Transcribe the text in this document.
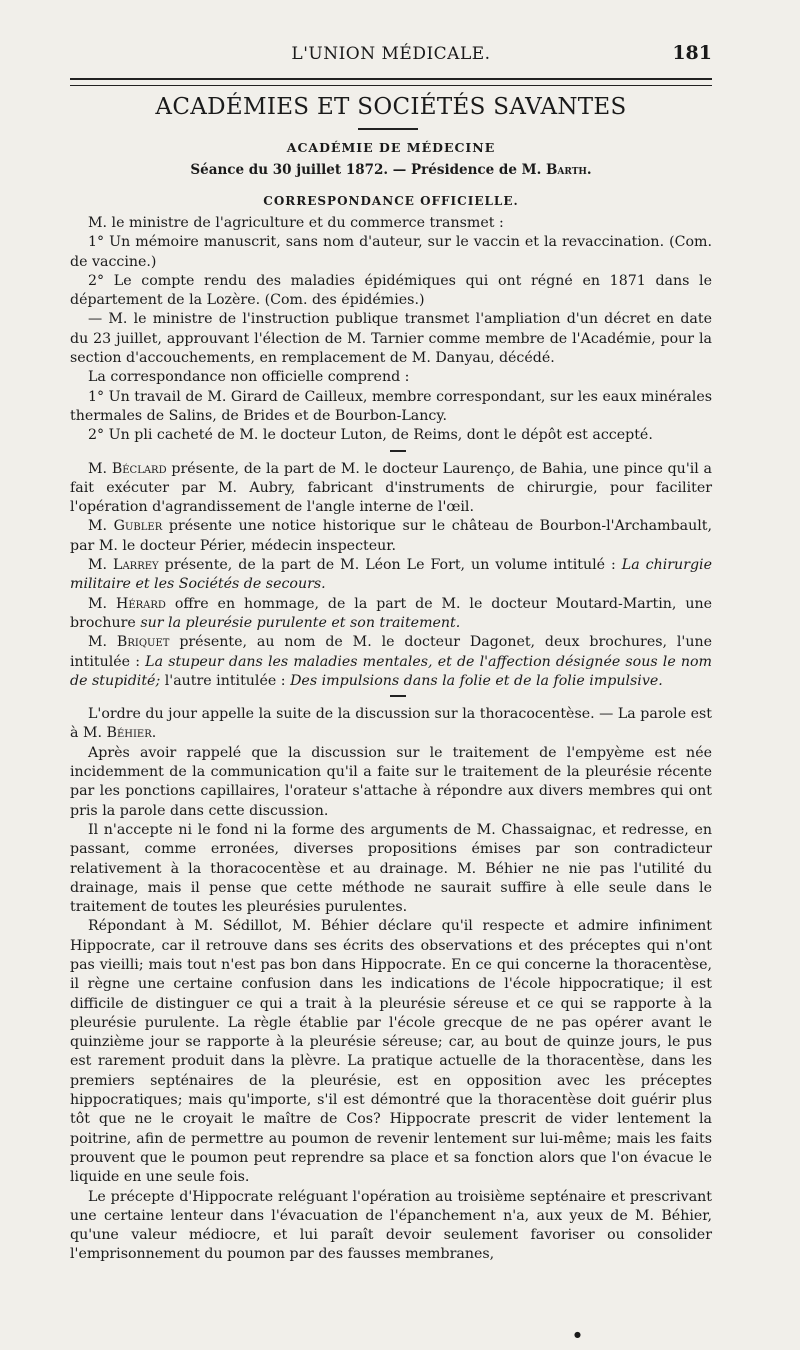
L'UNION MÉDICALE.	181
ACADÉMIES ET SOCIÉTÉS SAVANTES
ACADÉMIE DE MÉDECINE
Séance du 30 juillet 1872. — Présidence de M. Barth.
CORRESPONDANCE OFFICIELLE.

M. le ministre de l'agriculture et du commerce transmet :

1° Un mémoire manuscrit, sans nom d'auteur, sur le vaccin et la revaccination. (Com. de vaccine.)

2° Le compte rendu des maladies épidémiques qui ont régné en 1871 dans le département de la Lozère. (Com. des épidémies.)

— M. le ministre de l'instruction publique transmet l'ampliation d'un décret en date du 23 juillet, approuvant l'élection de M. Tarnier comme membre de l'Académie, pour la section d'accouchements, en remplacement de M. Danyau, décédé.

La correspondance non officielle comprend :

1° Un travail de M. Girard de Cailleux, membre correspondant, sur les eaux minérales thermales de Salins, de Brides et de Bourbon-Lancy.

2° Un pli cacheté de M. le docteur Luton, de Reims, dont le dépôt est accepté.

M. Béclard présente, de la part de M. le docteur Laurenço, de Bahia, une pince qu'il a fait exécuter par M. Aubry, fabricant d'instruments de chirurgie, pour faciliter l'opération d'agrandissement de l'angle interne de l'œil.

M. Gubler présente une notice historique sur le château de Bourbon-l'Archambault, par M. le docteur Périer, médecin inspecteur.

M. Larrey présente, de la part de M. Léon Le Fort, un volume intitulé : La chirurgie militaire et les Sociétés de secours.

M. Hérard offre en hommage, de la part de M. le docteur Moutard-Martin, une brochure sur la pleurésie purulente et son traitement.

M. Briquet présente, au nom de M. le docteur Dagonet, deux brochures, l'une intitulée : La stupeur dans les maladies mentales, et de l'affection désignée sous le nom de stupidité; l'autre intitulée : Des impulsions dans la folie et de la folie impulsive.

L'ordre du jour appelle la suite de la discussion sur la thoracocentèse. — La parole est à M. Béhier.

Après avoir rappelé que la discussion sur le traitement de l'empyème est née incidemment de la communication qu'il a faite sur le traitement de la pleurésie récente par les ponctions capillaires, l'orateur s'attache à répondre aux divers membres qui ont pris la parole dans cette discussion.

Il n'accepte ni le fond ni la forme des arguments de M. Chassaignac, et redresse, en passant, comme erronées, diverses propositions émises par son contradicteur relativement à la thoracocentèse et au drainage. M. Béhier ne nie pas l'utilité du drainage, mais il pense que cette méthode ne saurait suffire à elle seule dans le traitement de toutes les pleurésies purulentes.

Répondant à M. Sédillot, M. Béhier déclare qu'il respecte et admire infiniment Hippocrate, car il retrouve dans ses écrits des observations et des préceptes qui n'ont pas vieilli; mais tout n'est pas bon dans Hippocrate. En ce qui concerne la thoracentèse, il règne une certaine confusion dans les indications de l'école hippocratique; il est difficile de distinguer ce qui a trait à la pleurésie séreuse et ce qui se rapporte à la pleurésie purulente. La règle établie par l'école grecque de ne pas opérer avant le quinzième jour se rapporte à la pleurésie séreuse; car, au bout de quinze jours, le pus est rarement produit dans la plèvre. La pratique actuelle de la thoracentèse, dans les premiers septénaires de la pleurésie, est en opposition avec les préceptes hippocratiques; mais qu'importe, s'il est démontré que la thoracentèse doit guérir plus tôt que ne le croyait le maître de Cos? Hippocrate prescrit de vider lentement la poitrine, afin de permettre au poumon de revenir lentement sur lui-même; mais les faits prouvent que le poumon peut reprendre sa place et sa fonction alors que l'on évacue le liquide en une seule fois.

Le précepte d'Hippocrate reléguant l'opération au troisième septénaire et prescrivant une certaine lenteur dans l'évacuation de l'épanchement n'a, aux yeux de M. Béhier, qu'une valeur médiocre, et lui paraît devoir seulement favoriser ou consolider l'emprisonnement du poumon par des fausses membranes,

●
